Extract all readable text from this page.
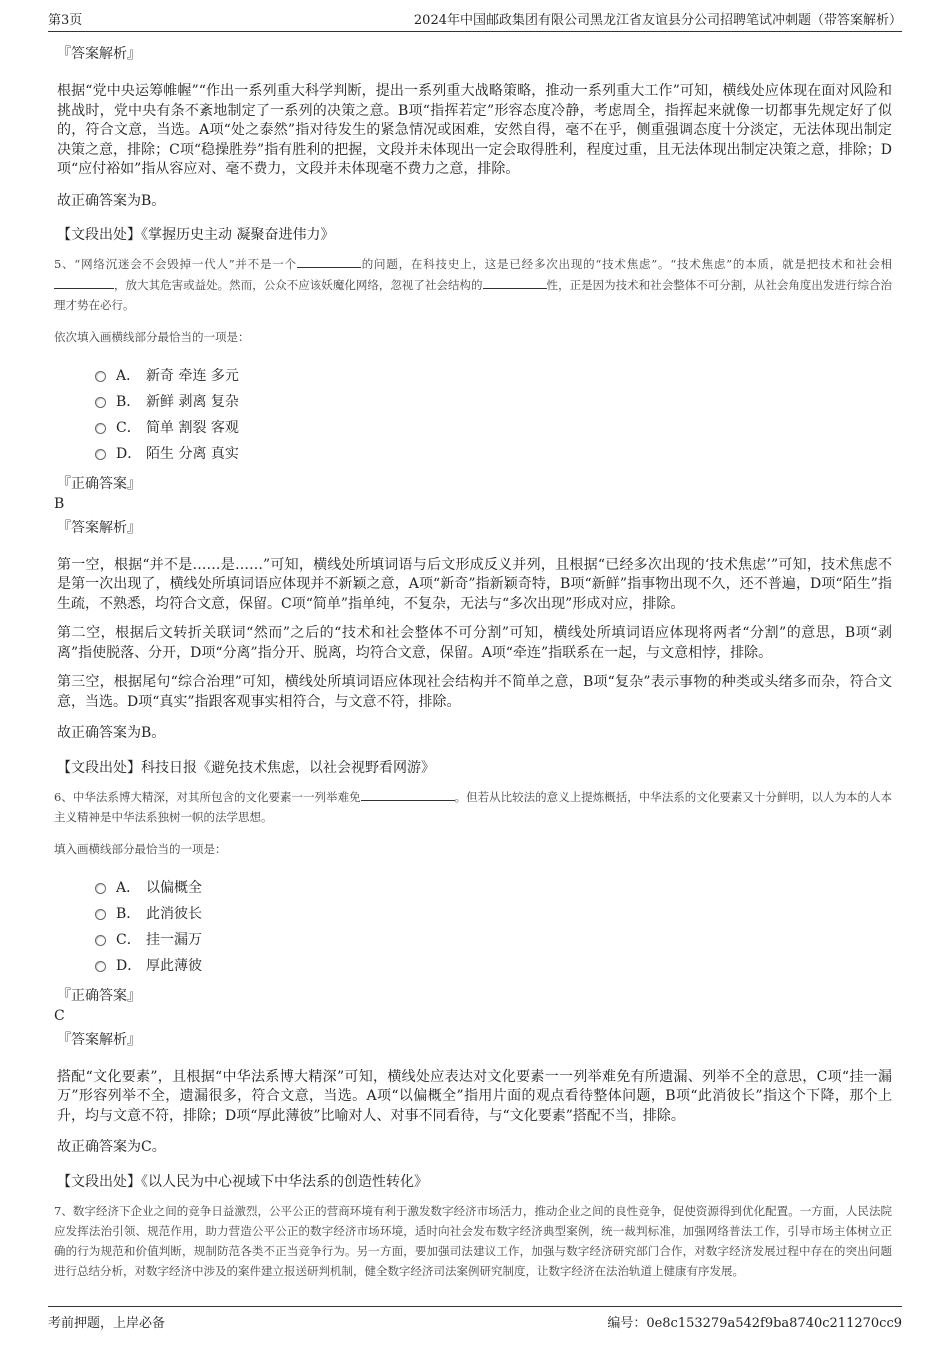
第3页	2024年中国邮政集团有限公司黑龙江省友谊县分公司招聘笔试冲刺题（带答案解析）
『答案解析』
根据“党中央运筹帷幄”“作出一系列重大科学判断，提出一系列重大战略策略，推动一系列重大工作”可知，横线处应体现在面对风险和挑战时，党中央有条不紊地制定了一系列的决策之意。B项“指挥若定”形容态度冷静，考虑周全，指挥起来就像一切都事先规定好了似的，符合文意，当选。A项“处之泰然”指对待发生的紧急情况或困难，安然自得，毫不在乎，侧重强调态度十分淡定，无法体现出制定决策之意，排除；C项“稳操胜券”指有胜利的把握，文段并未体现出一定会取得胜利，程度过重，且无法体现出制定决策之意，排除；D项“应付裕如”指从容应对、毫不费力，文段并未体现毫不费力之意，排除。
故正确答案为B。
【文段出处】《掌握历史主动 凝聚奋进伟力》
5、“网络沉迷会不会毁掉一代人”并不是一个	的问题，在科技史上，这是已经多次出现的“技术焦虑”。“技术焦虑”的本质，就是把技术和社会相，放大其危害或益处。然而，公众不应该妖魔化网络，忽视了社会结构的	性，正是因为技术和社会整体不可分割，从社会角度出发进行综合治理才势在必行。
依次填入画横线部分最恰当的一项是：
A． 新奇 牵连 多元
B． 新鲜 剥离 复杂
C． 简单 割裂 客观
D． 陌生 分离 真实
『正确答案』
B
『答案解析』
第一空，根据“并不是……是……”可知，横线处所填词语与后文形成反义并列，且根据“已经多次出现的‘技术焦虑’”可知，技术焦虑不是第一次出现了，横线处所填词语应体现并不新颖之意，A项“新奇”指新颖奇特，B项“新鲜”指事物出现不久，还不普遍，D项“陌生”指生疏，不熟悉，均符合文意，保留。C项“简单”指单纯，不复杂，无法与“多次出现”形成对应，排除。
第二空，根据后文转折关联词“然而”之后的“技术和社会整体不可分割”可知，横线处所填词语应体现将两者“分割”的意思，B项“剥离”指使脱落、分开，D项“分离”指分开、脱离，均符合文意，保留。A项“牵连”指联系在一起，与文意相悖，排除。
第三空，根据尾句“综合治理”可知，横线处所填词语应体现社会结构并不简单之意，B项“复杂”表示事物的种类或头绪多而杂，符合文意，当选。D项“真实”指跟客观事实相符合，与文意不符，排除。
故正确答案为B。
【文段出处】科技日报《避免技术焦虑，以社会视野看网游》
6、中华法系博大精深，对其所包含的文化要素一一列举难免	。但若从比较法的意义上提炼概括，中华法系的文化要素又十分鲜明，以人为本的人本主义精神是中华法系独树一帜的法学思想。
填入画横线部分最恰当的一项是：
A． 以偏概全
B． 此消彼长
C． 挂一漏万
D． 厚此薄彼
『正确答案』
C
『答案解析』
搭配“文化要素”，且根据“中华法系博大精深”可知，横线处应表达对文化要素一一列举难免有所遗漏、列举不全的意思，C项“挂一漏万”形容列举不全，遗漏很多，符合文意，当选。A项“以偏概全”指用片面的观点看待整体问题，B项“此消彼长”指这个下降，那个上升，均与文意不符，排除；D项“厚此薄彼”比喻对人、对事不同看待，与“文化要素”搭配不当，排除。
故正确答案为C。
【文段出处】《以人民为中心视域下中华法系的创造性转化》
7、数字经济下企业之间的竞争日益激烈，公平公正的营商环境有利于激发数字经济市场活力，推动企业之间的良性竞争，促使资源得到优化配置。一方面，人民法院应发挥法治引领、规范作用，助力营造公平公正的数字经济市场环境，适时向社会发布数字经济典型案例，统一裁判标准，加强网络普法工作，引导市场主体树立正确的行为规范和价值判断，规制防范各类不正当竞争行为。另一方面，要加强司法建议工作，加强与数字经济研究部门合作，对数字经济发展过程中存在的突出问题进行总结分析，对数字经济中涉及的案件建立报送研判机制，健全数字经济司法案例研究制度，让数字经济在法治轨道上健康有序发展。
考前押题，上岸必备	编号：0e8c153279a542f9ba8740c211270cc9
